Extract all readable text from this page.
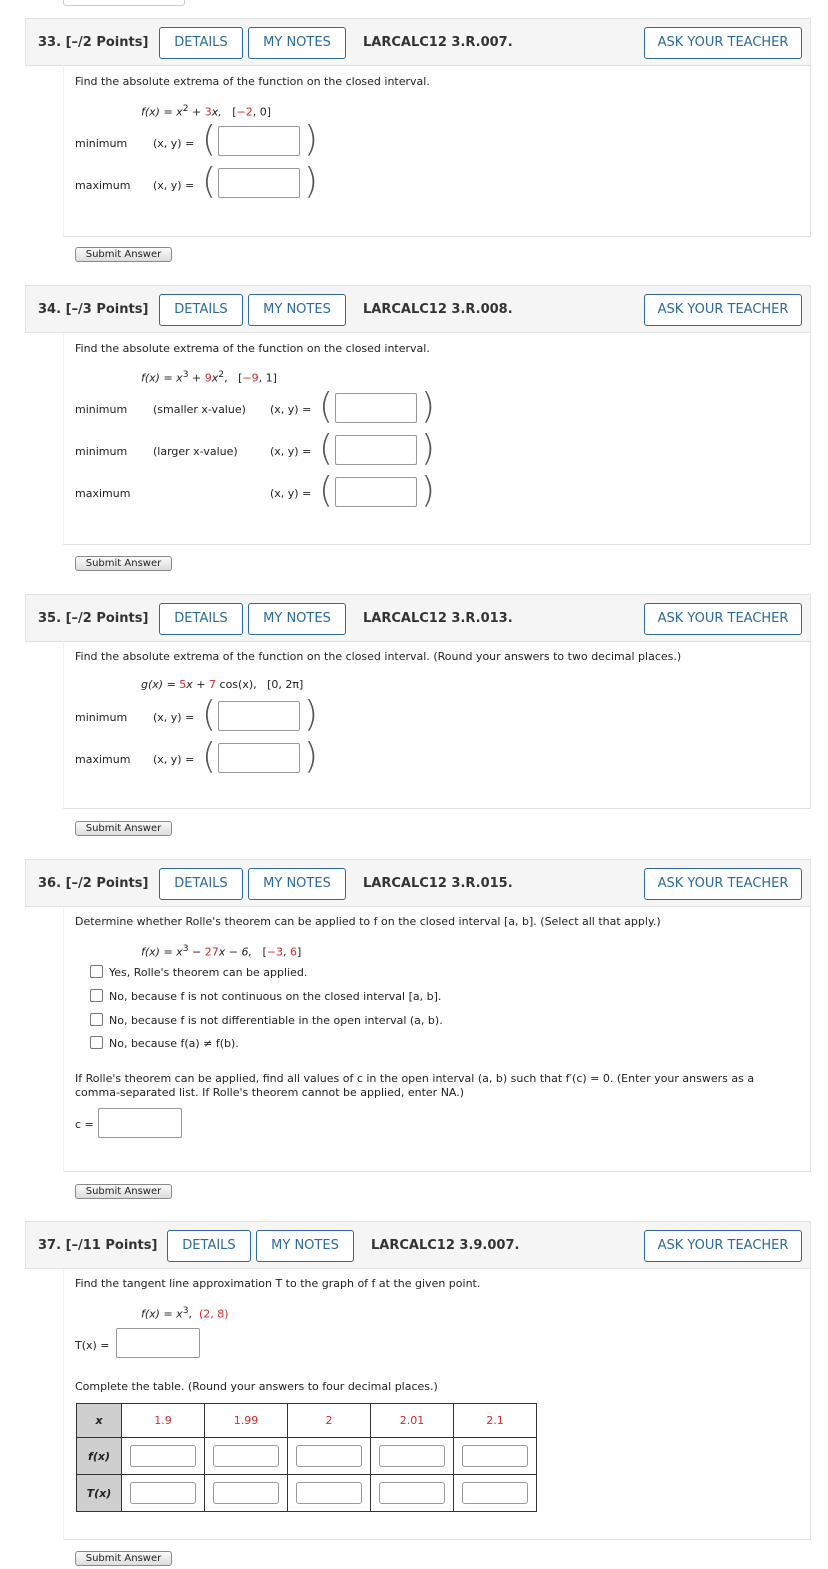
33. [–/2 Points]	DETAILS	MY NOTES	LARCALC12 3.R.007.	ASK YOUR TEACHER
Find the absolute extrema of the function on the closed interval.
$f(x) = x^2 + 3x$, [−2, 0]
minimum (x, y) = ( )
maximum (x, y) = ( )
Submit Answer
34. [–/3 Points]	DETAILS	MY NOTES	LARCALC12 3.R.008.	ASK YOUR TEACHER
Find the absolute extrema of the function on the closed interval.
$f(x) = x^3 + 9x^2$, [−9, 1]
minimum (smaller x-value) (x, y) = ( )
minimum (larger x-value)	(x, y) = ( )
maximum	(x, y) = ( )
Submit Answer
35. [–/2 Points]	DETAILS	MY NOTES	LARCALC12 3.R.013.	ASK YOUR TEACHER
Find the absolute extrema of the function on the closed interval. (Round your answers to two decimal places.)
g(x) = 5x + 7 cos(x), [0, 2π]
minimum (x, y) = ( )
maximum (x, y) = ( )
Submit Answer
36. [–/2 Points]	DETAILS	MY NOTES	LARCALC12 3.R.015.	ASK YOUR TEACHER
Determine whether Rolle's theorem can be applied to f on the closed interval [a, b]. (Select all that apply.)
$f(x) = x^3 - 27x - 6$, [−3, 6]
Yes, Rolle's theorem can be applied.
No, because f is not continuous on the closed interval [a, b].
No, because f is not differentiable in the open interval (a, b).
No, because f(a) ≠ f(b).
If Rolle's theorem can be applied, find all values of c in the open interval (a, b) such that f′(c) = 0. (Enter your answers as a
comma-separated list. If Rolle's theorem cannot be applied, enter NA.)
c =
Submit Answer
37. [–/11 Points]	DETAILS	MY NOTES	LARCALC12 3.9.007.	ASK YOUR TEACHER
Find the tangent line approximation T to the graph of f at the given point.
$f(x) = x^3$, (2, 8)
T(x) =
Complete the table. (Round your answers to four decimal places.)
x	1.9	1.99	2	2.01	2.1
f(x)					
T(x)					
Submit Answer
